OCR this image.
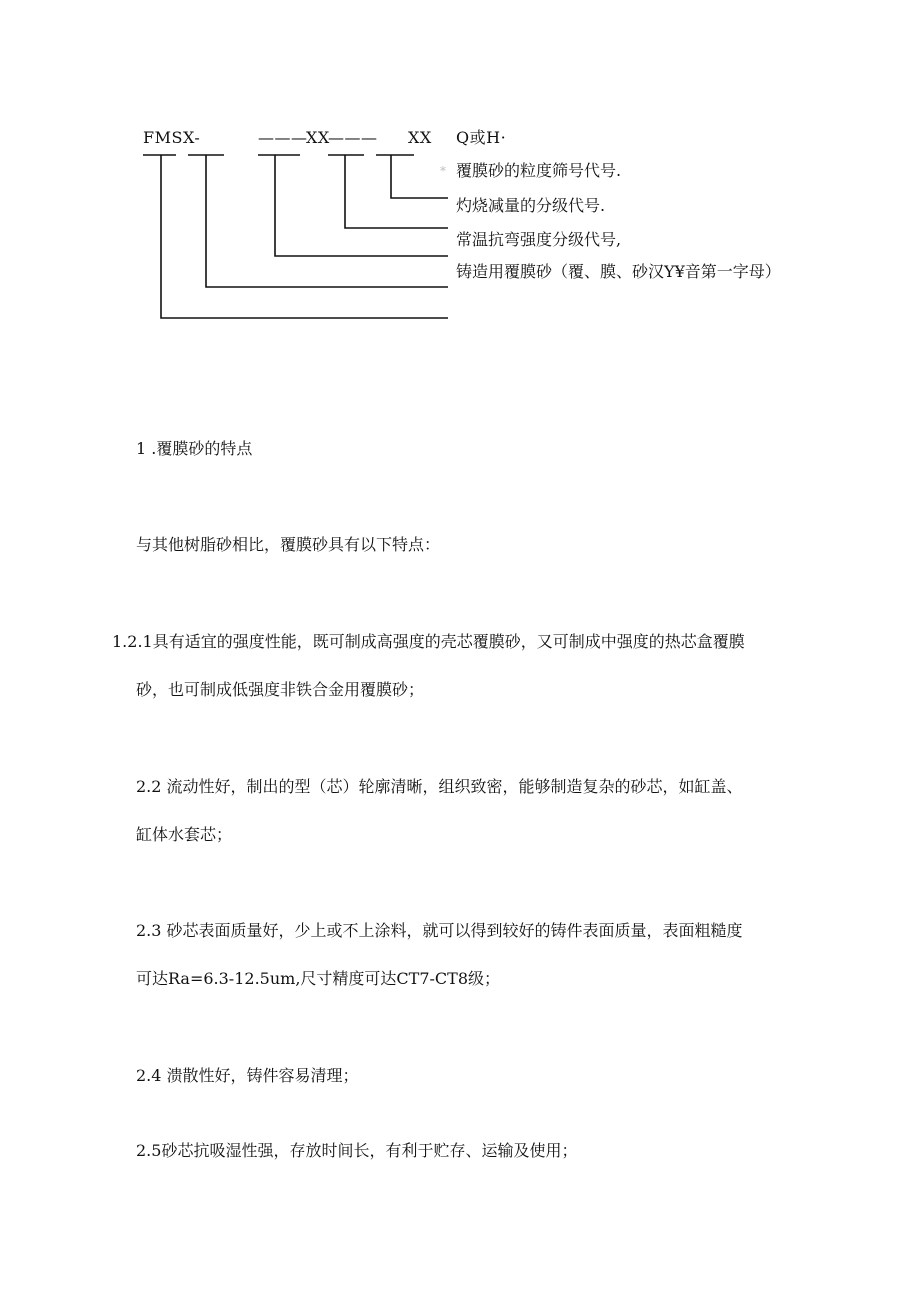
FMS X-	———
XX
——— XX Q或H·
* 覆膜砂的粒度筛号代号.
灼烧减量的分级代号.
常温抗弯强度分级代号,
铸造用覆膜砂（覆、膜、砂汉Y¥音第一字母）
1 .覆膜砂的特点
与其他树脂砂相比，覆膜砂具有以下特点：
1.2.1具有适宜的强度性能，既可制成高强度的壳芯覆膜砂，又可制成中强度的热芯盒覆膜
砂，也可制成低强度非铁合金用覆膜砂；
2.2 流动性好，制出的型（芯）轮廓清晰，组织致密，能够制造复杂的砂芯，如缸盖、
缸体水套芯；
2.3 砂芯表面质量好，少上或不上涂料，就可以得到较好的铸件表面质量，表面粗糙度
可达Ra=6.3-12.5um,尺寸精度可达CT7-CT8级；
2.4 溃散性好，铸件容易清理；
2.5砂芯抗吸湿性强，存放时间长，有利于贮存、运输及使用；
